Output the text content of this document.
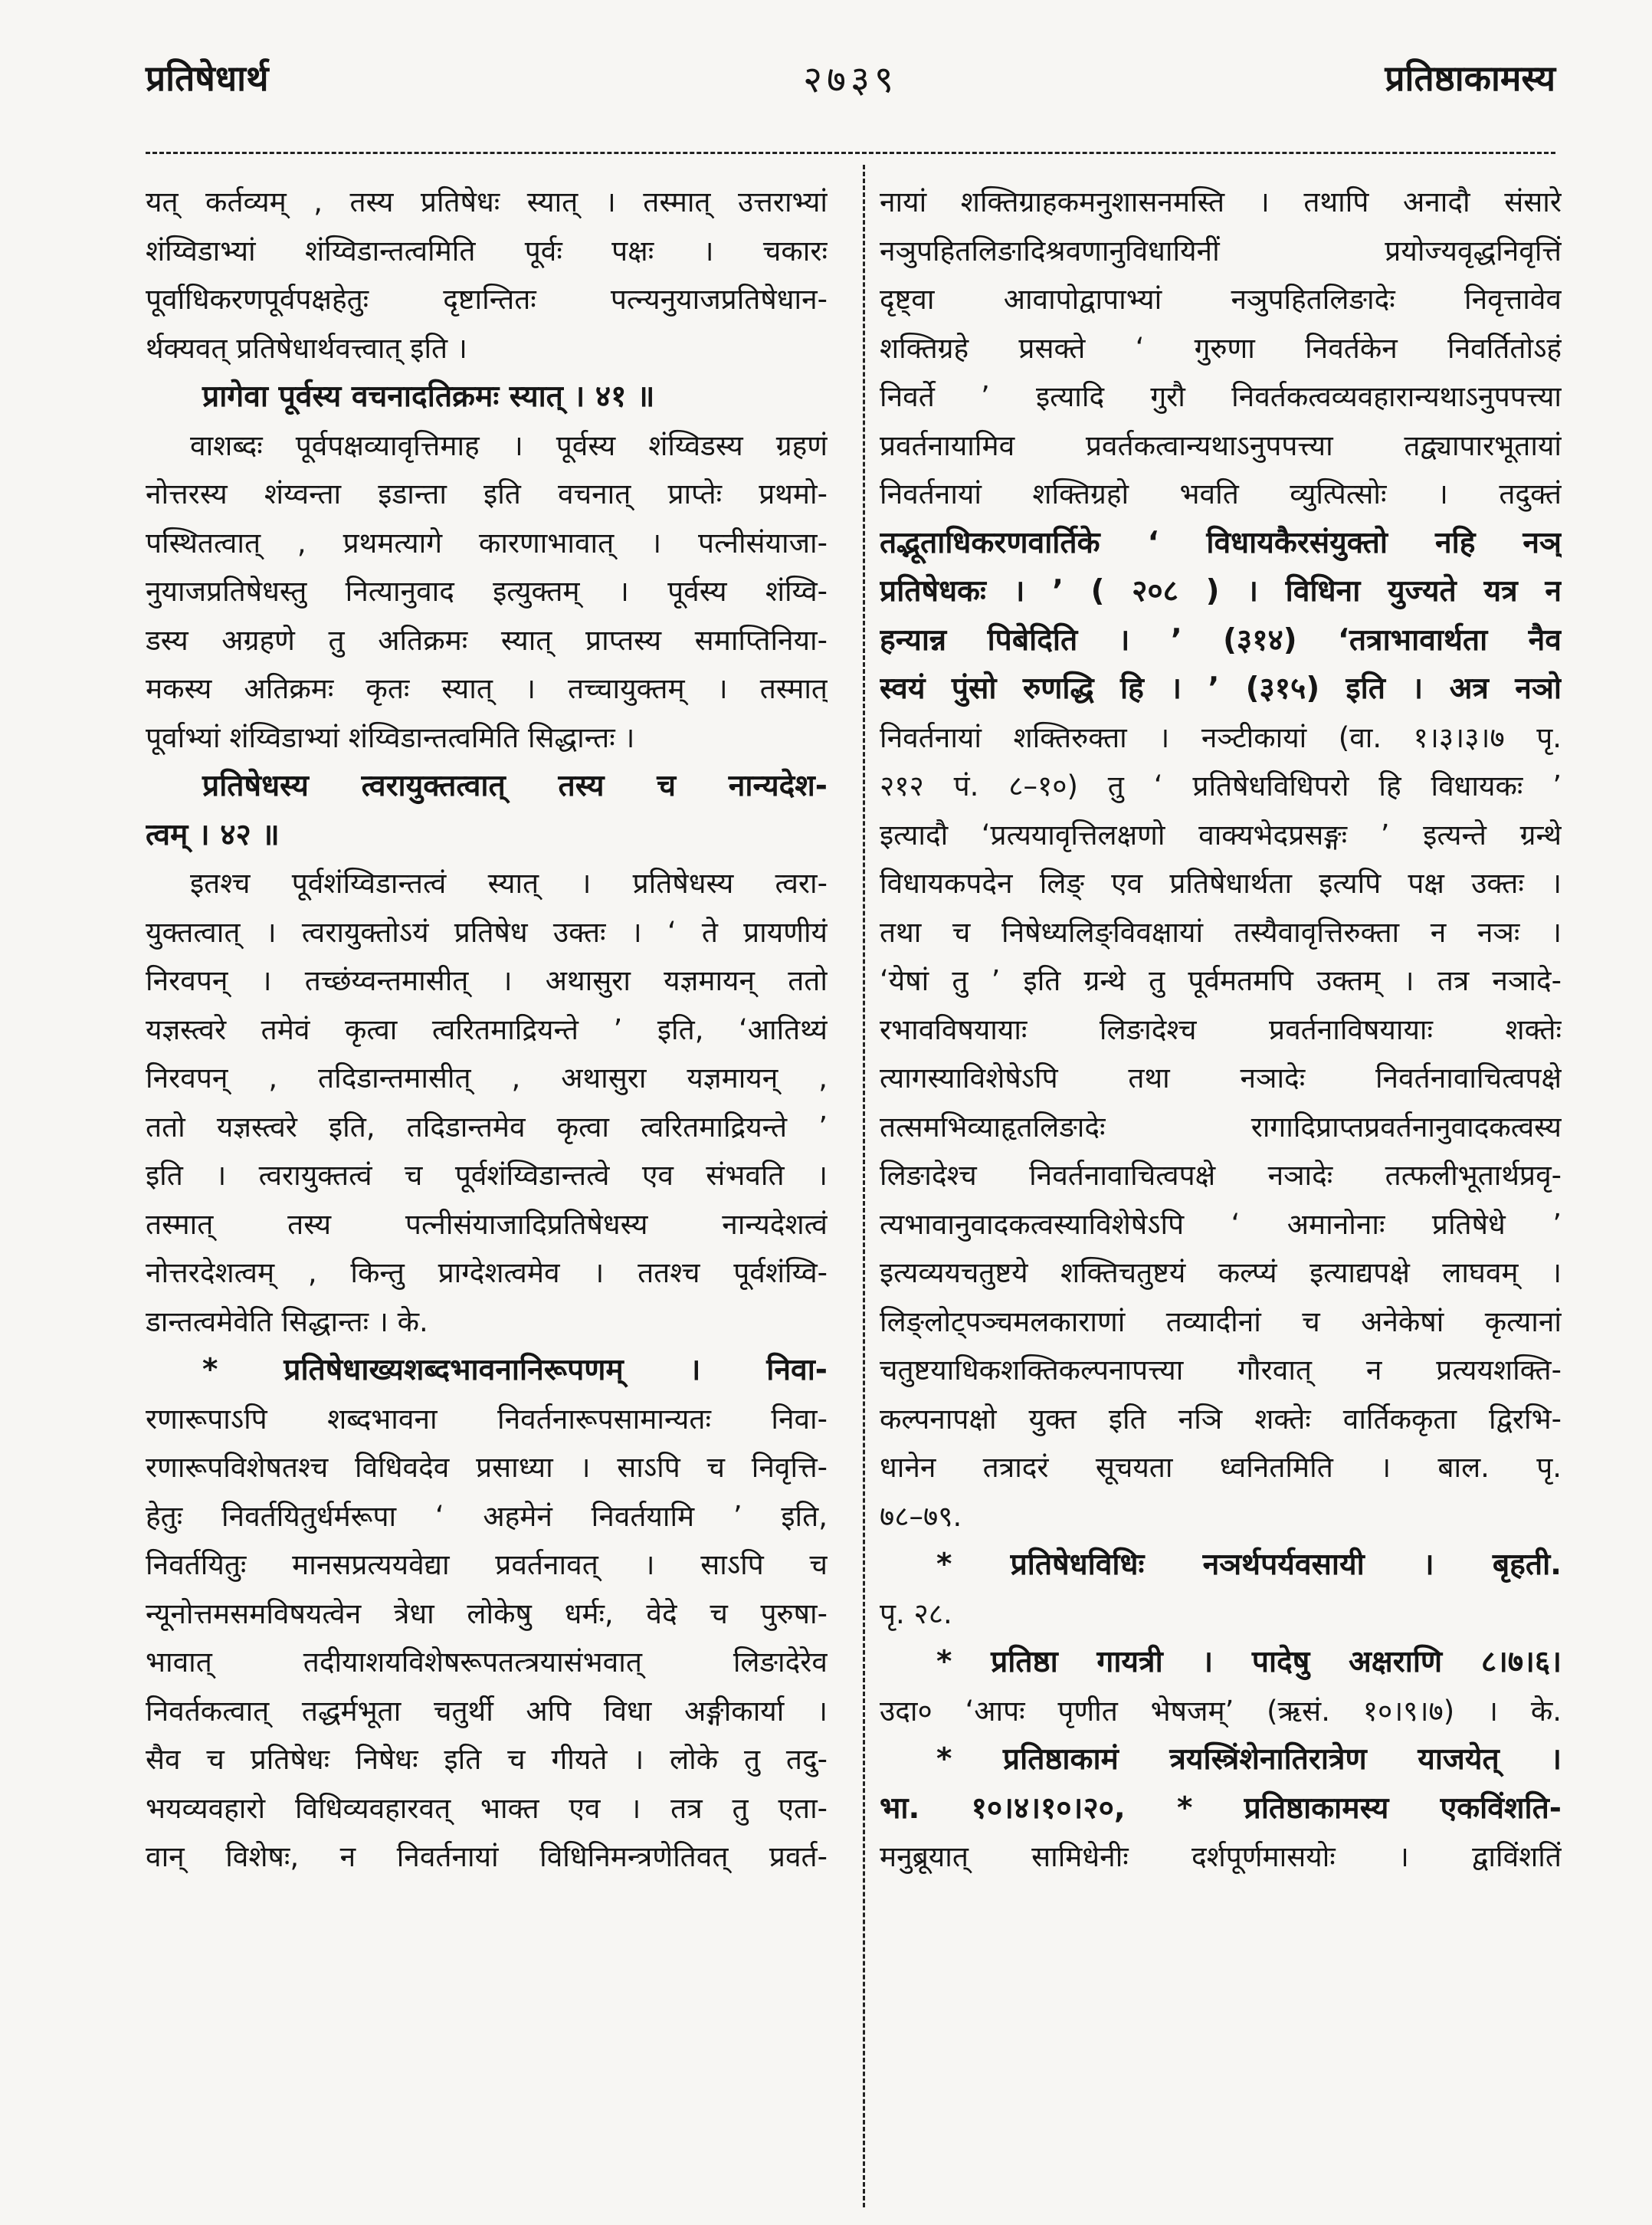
प्रतिषेधार्थ	२७३९	प्रतिष्ठाकामस्य
यत् कर्तव्यम् , तस्य प्रतिषेधः स्यात् । तस्मात् उत्तराभ्यां
शंय्विडाभ्यां शंय्विडान्तत्वमिति पूर्वः पक्षः । चकारः
पूर्वाधिकरणपूर्वपक्षहेतुः दृष्टान्तितः पत्न्यनुयाजप्रतिषेधान-
र्थक्यवत् प्रतिषेधार्थवत्त्वात् इति ।
प्रागेवा पूर्वस्य वचनादतिक्रमः स्यात् । ४१ ॥
वाशब्दः पूर्वपक्षव्यावृत्तिमाह । पूर्वस्य शंय्विडस्य ग्रहणं
नोत्तरस्य शंय्वन्ता इडान्ता इति वचनात् प्राप्तेः प्रथमो-
पस्थितत्वात् , प्रथमत्यागे कारणाभावात् । पत्नीसंयाजा-
नुयाजप्रतिषेधस्तु नित्यानुवाद इत्युक्तम् । पूर्वस्य शंय्वि-
डस्य अग्रहणे तु अतिक्रमः स्यात् प्राप्तस्य समाप्तिनिया-
मकस्य अतिक्रमः कृतः स्यात् । तच्चायुक्तम् । तस्मात्
पूर्वाभ्यां शंय्विडाभ्यां शंय्विडान्तत्वमिति सिद्धान्तः ।
प्रतिषेधस्य त्वरायुक्तत्वात् तस्य च नान्यदेश-
त्वम् । ४२ ॥
इतश्च पूर्वशंय्विडान्तत्वं स्यात् । प्रतिषेधस्य त्वरा-
युक्तत्वात् । त्वरायुक्तोऽयं प्रतिषेध उक्तः । ‘ ते प्रायणीयं
निरवपन् । तच्छंय्वन्तमासीत् । अथासुरा यज्ञमायन् ततो
यज्ञस्त्वरे तमेवं कृत्वा त्वरितमाद्रियन्ते ’ इति, ‘आतिथ्यं
निरवपन् , तदिडान्तमासीत् , अथासुरा यज्ञमायन् ,
ततो यज्ञस्त्वरे इति, तदिडान्तमेव कृत्वा त्वरितमाद्रियन्ते ’
इति । त्वरायुक्तत्वं च पूर्वशंय्विडान्तत्वे एव संभवति ।
तस्मात् तस्य पत्नीसंयाजादिप्रतिषेधस्य नान्यदेशत्वं
नोत्तरदेशत्वम् , किन्तु प्राग्देशत्वमेव । ततश्च पूर्वशंय्वि-
डान्तत्वमेवेति सिद्धान्तः । के.
* प्रतिषेधाख्यशब्दभावनानिरूपणम् । निवा-
रणारूपाऽपि शब्दभावना निवर्तनारूपसामान्यतः निवा-
रणारूपविशेषतश्च विधिवदेव प्रसाध्या । साऽपि च निवृत्ति-
हेतुः निवर्तयितुर्धर्मरूपा ‘ अहमेनं निवर्तयामि ’ इति,
निवर्तयितुः मानसप्रत्ययवेद्या प्रवर्तनावत् । साऽपि च
न्यूनोत्तमसमविषयत्वेन त्रेधा लोकेषु धर्मः, वेदे च पुरुषा-
भावात् तदीयाशयविशेषरूपतत्त्रयासंभवात् लिङादेरेव
निवर्तकत्वात् तद्धर्मभूता चतुर्थी अपि विधा अङ्गीकार्या ।
सैव च प्रतिषेधः निषेधः इति च गीयते । लोके तु तदु-
भयव्यवहारो विधिव्यवहारवत् भाक्त एव । तत्र तु एता-
वान् विशेषः, न निवर्तनायां विधिनिमन्त्रणेतिवत् प्रवर्त-
नायां शक्तिग्राहकमनुशासनमस्ति । तथापि अनादौ संसारे
नञुपहितलिङादिश्रवणानुविधायिनीं प्रयोज्यवृद्धनिवृत्तिं
दृष्ट्वा आवापोद्वापाभ्यां नञुपहितलिङादेः निवृत्तावेव
शक्तिग्रहे प्रसक्ते ‘ गुरुणा निवर्तकेन निवर्तितोऽहं
निवर्ते ’ इत्यादि गुरौ निवर्तकत्वव्यवहारान्यथाऽनुपपत्त्या
प्रवर्तनायामिव प्रवर्तकत्वान्यथाऽनुपपत्त्या तद्व्यापारभूतायां
निवर्तनायां शक्तिग्रहो भवति व्युत्पित्सोः । तदुक्तं
तद्भूताधिकरणवार्तिके ‘ विधायकैरसंयुक्तो नहि नञ्
प्रतिषेधकः । ’ ( २०८ ) । विधिना युज्यते यत्र न
हन्यान्न पिबेदिति । ’ (३१४) ‘तत्राभावार्थता नैव
स्वयं पुंसो रुणद्धि हि । ’ (३१५) इति । अत्र नञो
निवर्तनायां शक्तिरुक्ता । नञ्टीकायां (वा. १।३।३।७ पृ.
२१२ पं. ८–१०) तु ‘ प्रतिषेधविधिपरो हि विधायकः ’
इत्यादौ ‘प्रत्ययावृत्तिलक्षणो वाक्यभेदप्रसङ्गः ’ इत्यन्ते ग्रन्थे
विधायकपदेन लिङ् एव प्रतिषेधार्थता इत्यपि पक्ष उक्तः ।
तथा च निषेध्यलिङ्विवक्षायां तस्यैवावृत्तिरुक्ता न नञः ।
‘येषां तु ’ इति ग्रन्थे तु पूर्वमतमपि उक्तम् । तत्र नञादे-
रभावविषयायाः लिङादेश्च प्रवर्तनाविषयायाः शक्तेः
त्यागस्याविशेषेऽपि तथा नञादेः निवर्तनावाचित्वपक्षे
तत्समभिव्याहृतलिङादेः रागादिप्राप्तप्रवर्तनानुवादकत्वस्य
लिङादेश्च निवर्तनावाचित्वपक्षे नञादेः तत्फलीभूतार्थप्रवृ-
त्यभावानुवादकत्वस्याविशेषेऽपि ‘ अमानोनाः प्रतिषेधे ’
इत्यव्ययचतुष्टये शक्तिचतुष्टयं कल्प्यं इत्याद्यपक्षे लाघवम् ।
लिङ्लोट्पञ्चमलकाराणां तव्यादीनां च अनेकेषां कृत्यानां
चतुष्टयाधिकशक्तिकल्पनापत्त्या गौरवात् न प्रत्ययशक्ति-
कल्पनापक्षो युक्त इति नञि शक्तेः वार्तिककृता द्विरभि-
धानेन तत्रादरं सूचयता ध्वनितमिति । बाल. पृ.
७८–७९.
* प्रतिषेधविधिः नञर्थपर्यवसायी । बृहती.
पृ. २८.
* प्रतिष्ठा गायत्री । पादेषु अक्षराणि ८।७।६।
उदा० ‘आपः पृणीत भेषजम्’ (ऋसं. १०।९।७) । के.
* प्रतिष्ठाकामं त्रयस्त्रिंशेनातिरात्रेण याजयेत् ।
भा. १०।४।१०।२०, * प्रतिष्ठाकामस्य एकविंशति-
मनुब्रूयात् सामिधेनीः दर्शपूर्णमासयोः । द्वाविंशतिं
